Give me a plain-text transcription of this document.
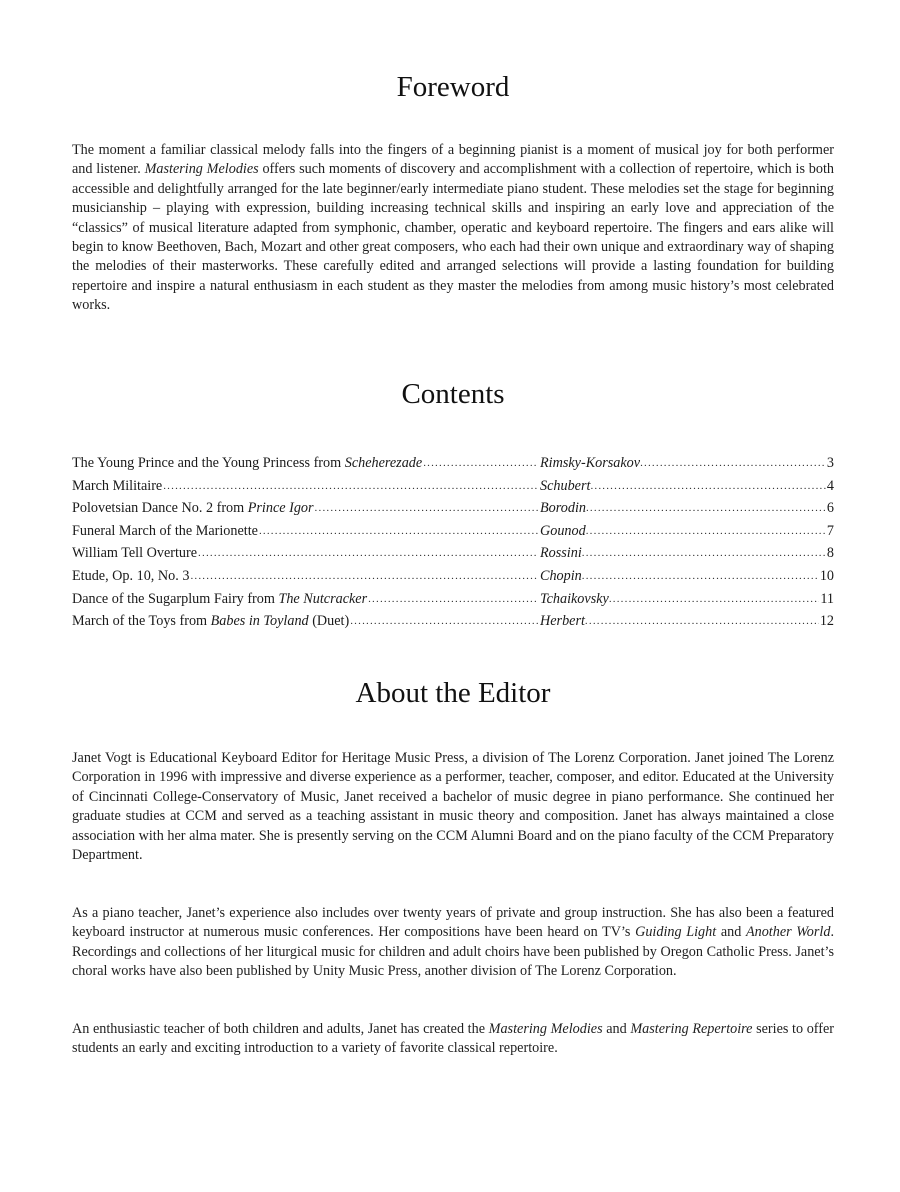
Foreword

The moment a familiar classical melody falls into the fingers of a beginning pianist is a moment of musical joy for both performer and listener. Mastering Melodies offers such moments of discovery and accomplishment with a collection of repertoire, which is both accessible and delightfully arranged for the late beginner/early intermediate piano student. These melodies set the stage for beginning musicianship – playing with expression, building increasing technical skills and inspiring an early love and appreciation of the “classics” of musical literature adapted from symphonic, chamber, operatic and keyboard repertoire. The fingers and ears alike will begin to know Beethoven, Bach, Mozart and other great composers, who each had their own unique and extraordinary way of shaping the melodies of their masterworks. These carefully edited and arranged selections will provide a lasting foundation for building repertoire and inspire a natural enthusiasm in each student as they master the melodies from among music history’s most celebrated works.

Contents
The Young Prince and the Young Princess from Scheherezade .....	Rimsky-Korsakov .....	3
March Militaire .....	Schubert .....	4
Polovetsian Dance No. 2 from Prince Igor .....	Borodin .....	6
Funeral March of the Marionette .....	Gounod .....	7
William Tell Overture .....	Rossini .....	8
Etude, Op. 10, No. 3 .....	Chopin .....	10
Dance of the Sugarplum Fairy from The Nutcracker .....	Tchaikovsky .....	11
March of the Toys from Babes in Toyland (Duet) .....	Herbert .....	12
About the Editor

Janet Vogt is Educational Keyboard Editor for Heritage Music Press, a division of The Lorenz Corporation. Janet joined The Lorenz Corporation in 1996 with impressive and diverse experience as a performer, teacher, composer, and editor. Educated at the University of Cincinnati College-Conservatory of Music, Janet received a bachelor of music degree in piano performance. She continued her graduate studies at CCM and served as a teaching assistant in music theory and composition. Janet has always maintained a close association with her alma mater. She is presently serving on the CCM Alumni Board and on the piano faculty of the CCM Preparatory Department.

As a piano teacher, Janet’s experience also includes over twenty years of private and group instruction. She has also been a featured keyboard instructor at numerous music conferences. Her compositions have been heard on TV’s Guiding Light and Another World. Recordings and collections of her liturgical music for children and adult choirs have been published by Oregon Catholic Press. Janet’s choral works have also been published by Unity Music Press, another division of The Lorenz Corporation.

An enthusiastic teacher of both children and adults, Janet has created the Mastering Melodies and Mastering Repertoire series to offer students an early and exciting introduction to a variety of favorite classical repertoire.
